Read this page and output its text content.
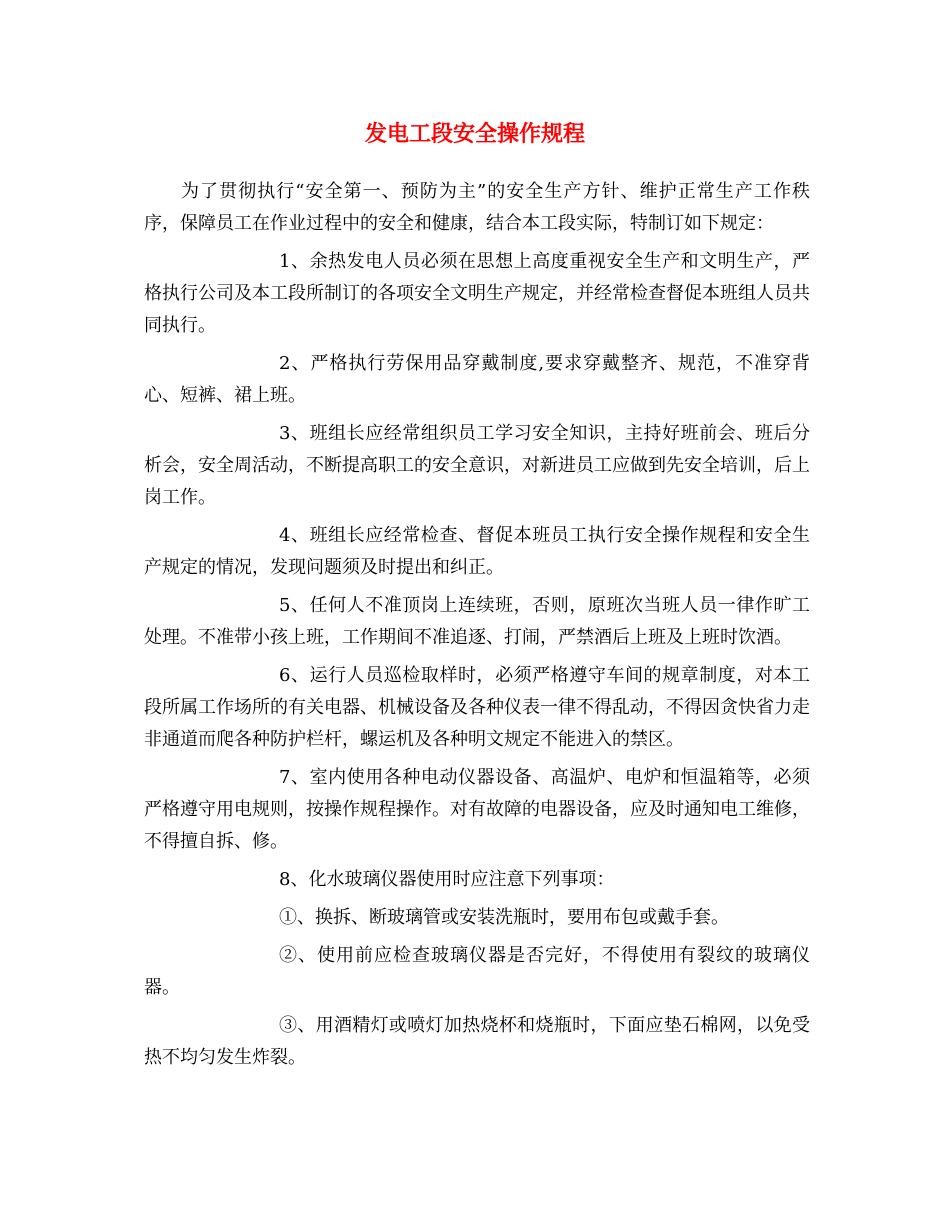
发电工段安全操作规程

为了贯彻执行“安全第一、预防为主”的安全生产方针、维护正常生产工作秩序，保障员工在作业过程中的安全和健康，结合本工段实际，特制订如下规定：

1、余热发电人员必须在思想上高度重视安全生产和文明生产，严格执行公司及本工段所制订的各项安全文明生产规定，并经常检查督促本班组人员共同执行。

2、严格执行劳保用品穿戴制度,要求穿戴整齐、规范，不准穿背心、短裤、裙上班。

3、班组长应经常组织员工学习安全知识，主持好班前会、班后分析会，安全周活动，不断提高职工的安全意识，对新进员工应做到先安全培训，后上岗工作。

4、班组长应经常检查、督促本班员工执行安全操作规程和安全生产规定的情况，发现问题须及时提出和纠正。

5、任何人不准顶岗上连续班，否则，原班次当班人员一律作旷工处理。不准带小孩上班，工作期间不准追逐、打闹，严禁酒后上班及上班时饮酒。

6、运行人员巡检取样时，必须严格遵守车间的规章制度，对本工段所属工作场所的有关电器、机械设备及各种仪表一律不得乱动，不得因贪快省力走非通道而爬各种防护栏杆，螺运机及各种明文规定不能进入的禁区。

7、室内使用各种电动仪器设备、高温炉、电炉和恒温箱等，必须严格遵守用电规则，按操作规程操作。对有故障的电器设备，应及时通知电工维修，不得擅自拆、修。

8、化水玻璃仪器使用时应注意下列事项：

①、换拆、断玻璃管或安装洗瓶时，要用布包或戴手套。

②、使用前应检查玻璃仪器是否完好，不得使用有裂纹的玻璃仪器。

③、用酒精灯或喷灯加热烧杯和烧瓶时，下面应垫石棉网，以免受热不均匀发生炸裂。
